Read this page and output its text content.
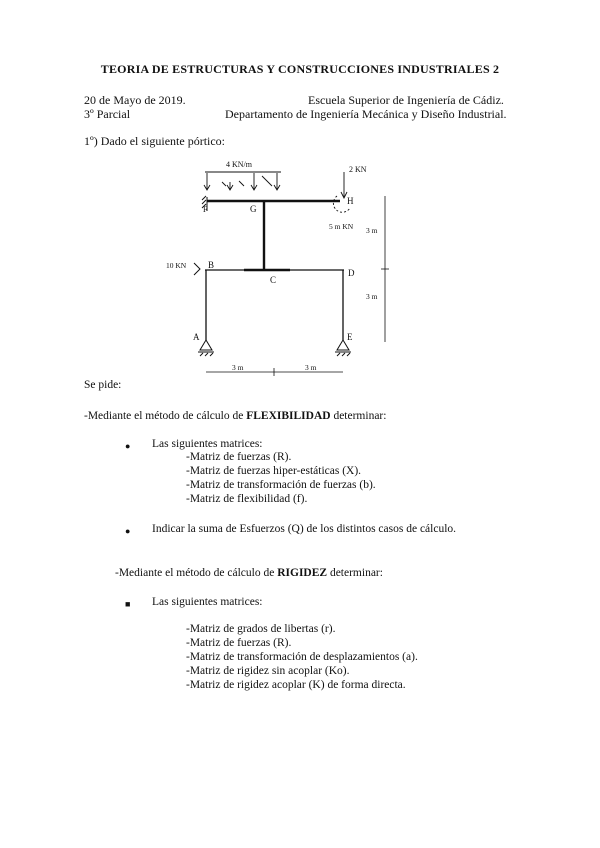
TEORIA DE ESTRUCTURAS Y CONSTRUCCIONES INDUSTRIALES 2
20 de Mayo de 2019.	Escuela Superior de Ingeniería de Cádiz.
3º Parcial	Departamento de Ingeniería Mecánica y Diseño Industrial.
1º) Dado el siguiente pórtico:
4 KN/m
2 KN
5 m KN
10 KN
F	G
H
B
C
D
A	E
3 m
3 m
3 m	3 m
Se pide:
-Mediante el método de cálculo de FLEXIBILIDAD determinar:
● Las siguientes matrices:
-Matriz de fuerzas (R).
-Matriz de fuerzas hiper-estáticas (X).
-Matriz de transformación de fuerzas (b).
-Matriz de flexibilidad (f).
● Indicar la suma de Esfuerzos (Q) de los distintos casos de cálculo.
-Mediante el método de cálculo de RIGIDEZ determinar:
■ Las siguientes matrices:
-Matriz de grados de libertas (r).
-Matriz de fuerzas (R).
-Matriz de transformación de desplazamientos (a).
-Matriz de rigidez sin acoplar (Ko).
-Matriz de rigidez acoplar (K) de forma directa.
